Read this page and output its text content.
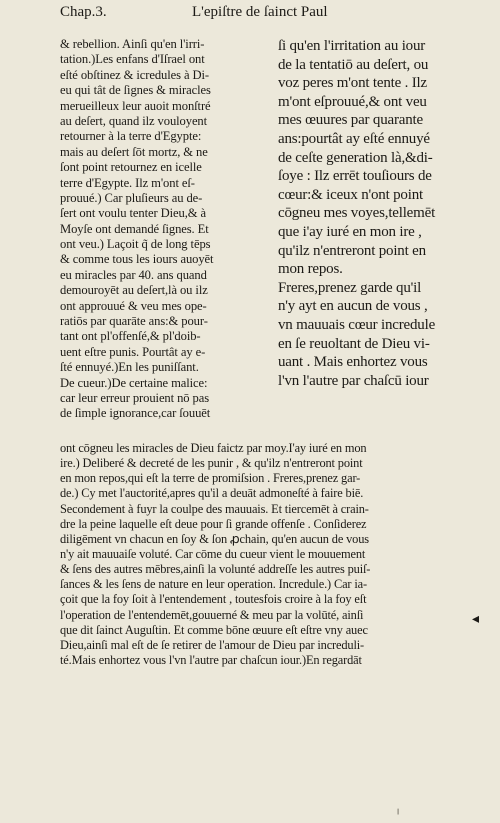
Chap.3.	L'epiſtre de ſainct Paul
& rebellion. Ainſi qu'en l'irri-
tation.)Les enfans d'Iſrael ont
eſté obſtinez & icredules à Di-
eu qui tât de ſignes & miracles
merueilleux leur auoit monſtré
au deſert, quand ilz vouloyent
retourner à la terre d'Egypte:
mais au deſert ſōt mortz, & ne
ſont point retournez en icelle
terre d'Egypte. Ilz m'ont eſ-
prouué.) Car pluſieurs au de-
ſert ont voulu tenter Dieu,& à
Moyſe ont demandé ſignes. Et
ont veu.) Laçoit q̃ de long tēps
& comme tous les iours auoyēt
eu miracles par 40. ans quand
demouroyēt au deſert,là ou ilz
ont approuué & veu mes ope-
ratiōs par quarāte ans:& pour-
tant ont pl'offenſé,& pl'doib-
uent eſtre punis. Pourtât ay e-
ſté ennuyé.)En les puniſſant.
De cueur.)De certaine malice:
car leur erreur prouient nō pas
de ſimple ignorance,car ſouuēt
ſi qu'en l'irritation au iour
de la tentatiō au deſert, ou
voz peres m'ont tente . Ilz
m'ont eſprouué,& ont veu
mes œuures par quarante
ans:pourtât ay eſté ennuyé
de ceſte generation là,&di-
ſoye : Ilz errēt touſiours de
cœur:& iceux n'ont point
cōgneu mes voyes,tellemēt
que i'ay iuré en mon ire ,
qu'ilz n'entreront point en
mon repos.
Freres,prenez garde qu'il
n'y ayt en aucun de vous ,
vn mauuais cœur incredule
en ſe reuoltant de Dieu vi-
uant . Mais enhortez vous
l'vn l'autre par chaſcū iour
ont cōgneu les miracles de Dieu faictz par moy.I'ay iuré en mon
ire.) Deliberé & decreté de les punir , & qu'ilz n'entreront point
en mon repos,qui eſt la terre de promiſsion . Freres,prenez gar-
de.) Cy met l'auctorité,apres qu'il a deuāt admoneſté à faire biē.
Secondement à fuyr la coulpe des mauuais. Et tiercemēt à crain-
dre la peine laquelle eſt deue pour ſi grande offenſe . Conſiderez
diligēment vn chacun en ſoy & ſon ꝓchain, qu'en aucun de vous
n'y ait mauuaiſe voluté. Car cōme du cueur vient le mouuement
& ſens des autres mēbres,ainſi la volunté addreſſe les autres puiſ-
ſances & les ſens de nature en leur operation. Incredule.) Car ia-
çoit que la foy ſoit à l'entendement , toutesfois croire à la foy eſt
l'operation de l'entendemēt,gouuerné & meu par la volūté, ainſi
que dit ſainct Auguſtin. Et comme bōne œuure eſt eſtre vny auec
Dieu,ainſi mal eſt de ſe retirer de l'amour de Dieu par increduli-
té.Mais enhortez vous l'vn l'autre par chaſcun iour.)En regardāt
◂
╵
